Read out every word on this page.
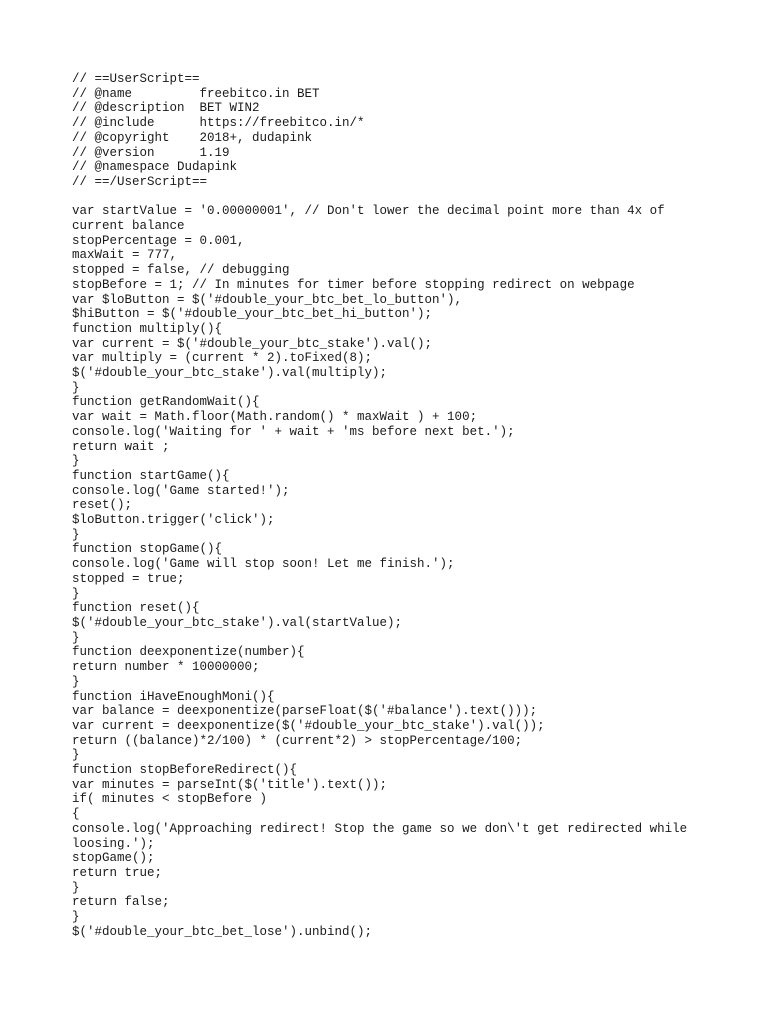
// ==UserScript==
// @name         freebitco.in BET
// @description  BET WIN2
// @include      https://freebitco.in/*
// @copyright    2018+, dudapink
// @version      1.19
// @namespace Dudapink
// ==/UserScript==
var startValue = '0.00000001', // Don't lower the decimal point more than 4x of
current balance
stopPercentage = 0.001,
maxWait = 777,
stopped = false, // debugging
stopBefore = 1; // In minutes for timer before stopping redirect on webpage
var $loButton = $('#double_your_btc_bet_lo_button'),
$hiButton = $('#double_your_btc_bet_hi_button');
function multiply(){
var current = $('#double_your_btc_stake').val();
var multiply = (current * 2).toFixed(8);
$('#double_your_btc_stake').val(multiply);
}
function getRandomWait(){
var wait = Math.floor(Math.random() * maxWait ) + 100;
console.log('Waiting for ' + wait + 'ms before next bet.');
return wait ;
}
function startGame(){
console.log('Game started!');
reset();
$loButton.trigger('click');
}
function stopGame(){
console.log('Game will stop soon! Let me finish.');
stopped = true;
}
function reset(){
$('#double_your_btc_stake').val(startValue);
}
function deexponentize(number){
return number * 10000000;
}
function iHaveEnoughMoni(){
var balance = deexponentize(parseFloat($('#balance').text()));
var current = deexponentize($('#double_your_btc_stake').val());
return ((balance)*2/100) * (current*2) > stopPercentage/100;
}
function stopBeforeRedirect(){
var minutes = parseInt($('title').text());
if( minutes < stopBefore )
{
console.log('Approaching redirect! Stop the game so we don\'t get redirected while
loosing.');
stopGame();
return true;
}
return false;
}
$('#double_your_btc_bet_lose').unbind();
